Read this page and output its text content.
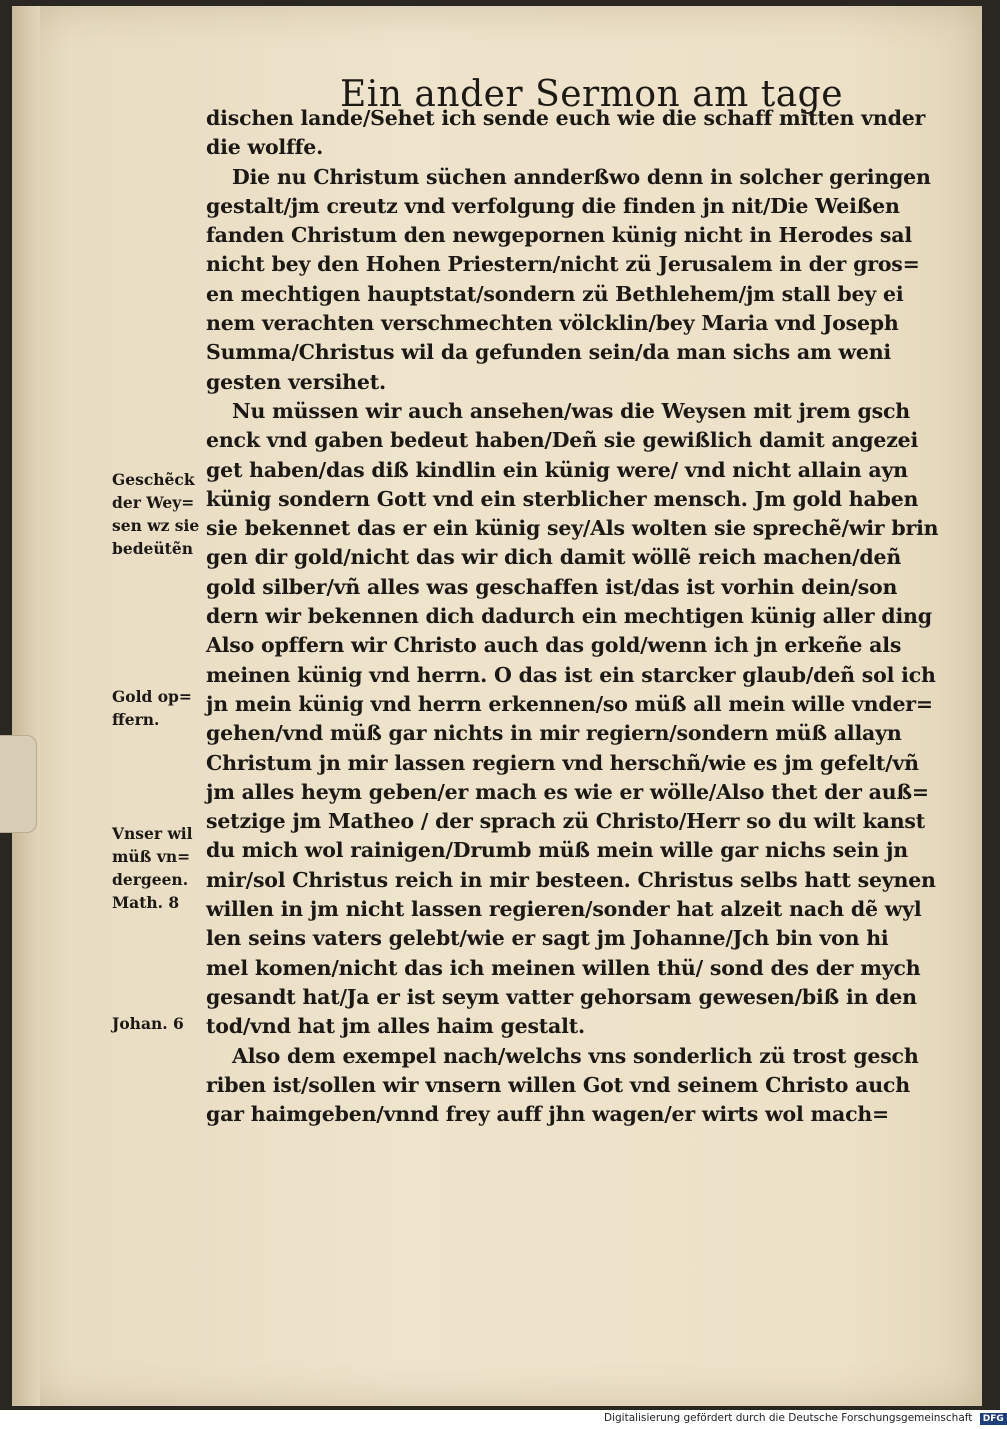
Ein ander Sermon am tage
dischen lande/Sehet ich sende euch wie die schaff mitten vnder
die wolffe.
Die nu Christum süchen annderßwo denn in solcher geringen
gestalt/jm creutz vnd verfolgung die finden jn nit/Die Weißen
fanden Christum den newgepornen künig nicht in Herodes sal
nicht bey den Hohen Priestern/nicht zü Jerusalem in der gros=
en mechtigen hauptstat/sondern zü Bethlehem/jm stall bey ei
nem verachten verschmechten völcklin/bey Maria vnd Joseph
Summa/Christus wil da gefunden sein/da man sichs am weni
gesten versihet.
Nu müssen wir auch ansehen/was die Weysen mit jrem gsch
enck vnd gaben bedeut haben/Deñ sie gewißlich damit angezei
get haben/das diß kindlin ein künig were/ vnd nicht allain ayn
künig sondern Gott vnd ein sterblicher mensch. Jm gold haben
sie bekennet das er ein künig sey/Als wolten sie sprechẽ/wir brin
gen dir gold/nicht das wir dich damit wöllẽ reich machen/deñ
gold silber/vñ alles was geschaffen ist/das ist vorhin dein/son
dern wir bekennen dich dadurch ein mechtigen künig aller ding
Also opffern wir Christo auch das gold/wenn ich jn erkeñe als
meinen künig vnd herrn. O das ist ein starcker glaub/deñ sol ich
jn mein künig vnd herrn erkennen/so müß all mein wille vnder=
gehen/vnd müß gar nichts in mir regiern/sondern müß allayn
Christum jn mir lassen regiern vnd herschñ/wie es jm gefelt/vñ
jm alles heym geben/er mach es wie er wölle/Also thet der auß=
setzige jm Matheo / der sprach zü Christo/Herr so du wilt kanst
du mich wol rainigen/Drumb müß mein wille gar nichs sein jn
mir/sol Christus reich in mir besteen. Christus selbs hatt seynen
willen in jm nicht lassen regieren/sonder hat alzeit nach dẽ wyl
len seins vaters gelebt/wie er sagt jm Johanne/Jch bin von hi
mel komen/nicht das ich meinen willen thü/ sond des der mych
gesandt hat/Ja er ist seym vatter gehorsam gewesen/biß in den
tod/vnd hat jm alles haim gestalt.
Also dem exempel nach/welchs vns sonderlich zü trost gesch
riben ist/sollen wir vnsern willen Got vnd seinem Christo auch
gar haimgeben/vnnd frey auff jhn wagen/er wirts wol mach=
Geschẽck
der Wey=
sen wz sie
bedeütẽn
Gold op=
ffern.
Vnser wil
müß vn=
dergeen.
Math. 8
Johan. 6
Digitalisierung gefördert durch die Deutsche Forschungsgemeinschaft DFG
